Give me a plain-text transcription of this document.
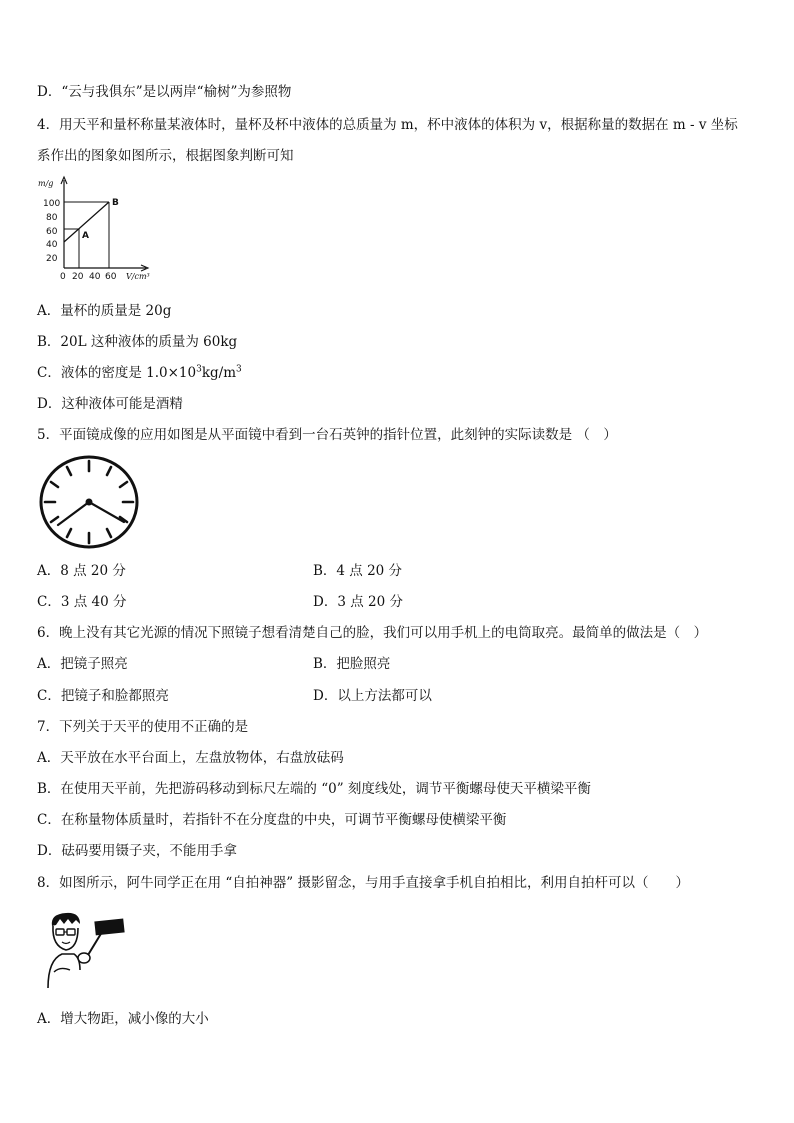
D．“云与我俱东”是以两岸“榆树”为参照物
4．用天平和量杯称量某液体时，量杯及杯中液体的总质量为 m，杯中液体的体积为 v，根据称量的数据在 m - v 坐标
系作出的图象如图所示，根据图象判断可知
m/g
V/cm³
100
80
60
40
20
0 20 40 60
A
B
A．量杯的质量是 20g
B．20L 这种液体的质量为 60kg
C．液体的密度是 $1.0\times 10^3kg/m^3$
D．这种液体可能是酒精
5．平面镜成像的应用如图是从平面镜中看到一台石英钟的指针位置，此刻钟的实际读数是 （　）
A．8 点 20 分	B．4 点 20 分
C．3 点 40 分	D．3 点 20 分
6．晚上没有其它光源的情况下照镜子想看清楚自己的脸，我们可以用手机上的电筒取亮。最简单的做法是（　）
A．把镜子照亮	B．把脸照亮
C．把镜子和脸都照亮	D．以上方法都可以
7．下列关于天平的使用不正确的是
A．天平放在水平台面上，左盘放物体，右盘放砝码
B．在使用天平前，先把游码移动到标尺左端的 “0” 刻度线处，调节平衡螺母使天平横梁平衡
C．在称量物体质量时，若指针不在分度盘的中央，可调节平衡螺母使横梁平衡
D．砝码要用镊子夹，不能用手拿
8．如图所示，阿牛同学正在用 “自拍神器” 摄影留念，与用手直接拿手机自拍相比，利用自拍杆可以（　　）
A．增大物距，减小像的大小
